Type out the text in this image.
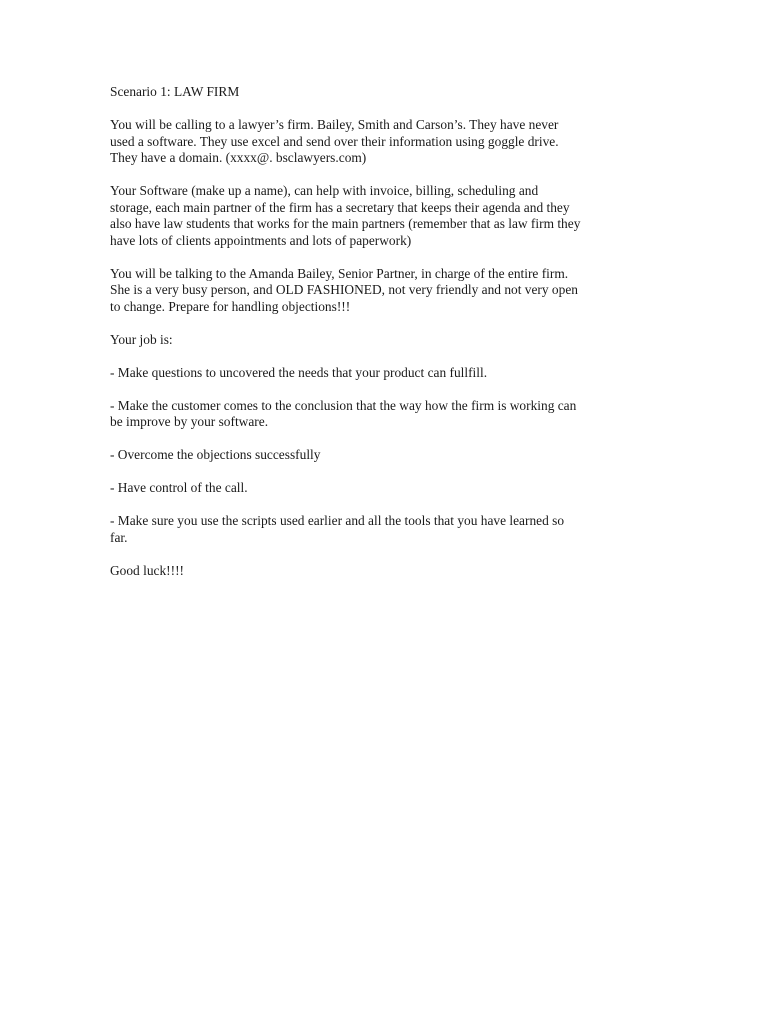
Scenario 1: LAW FIRM

You will be calling to a lawyer’s firm. Bailey, Smith and Carson’s. They have never
used a software. They use excel and send over their information using goggle drive.
They have a domain. (xxxx@. bsclawyers.com)

Your Software (make up a name), can help with invoice, billing, scheduling and
storage, each main partner of the firm has a secretary that keeps their agenda and they
also have law students that works for the main partners (remember that as law firm they
have lots of clients appointments and lots of paperwork)

You will be talking to the Amanda Bailey, Senior Partner, in charge of the entire firm.
She is a very busy person, and OLD FASHIONED, not very friendly and not very open
to change. Prepare for handling objections!!!

Your job is:

- Make questions to uncovered the needs that your product can fullfill.

- Make the customer comes to the conclusion that the way how the firm is working can
be improve by your software.

- Overcome the objections successfully

- Have control of the call.

- Make sure you use the scripts used earlier and all the tools that you have learned so
far.

Good luck!!!!
